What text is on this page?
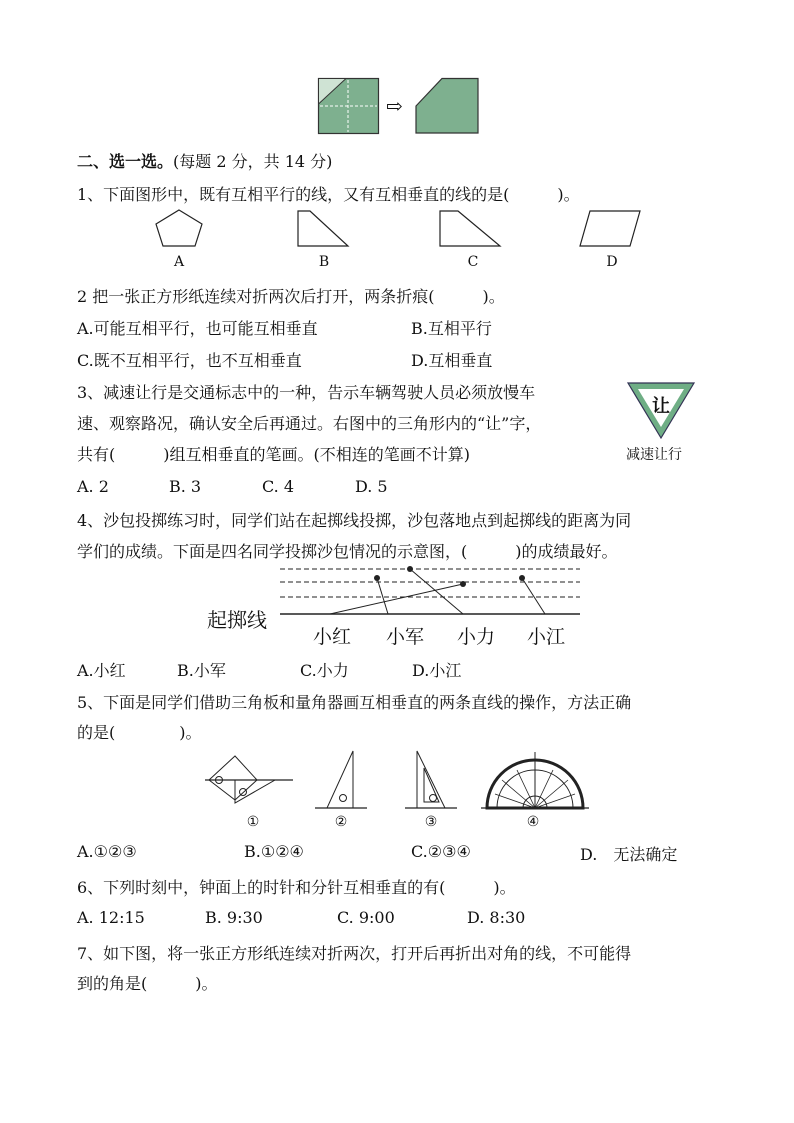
⇨
二、选一选。(每题 2 分，共 14 分)
1、下面图形中，既有互相平行的线，又有互相垂直的线的是(　　　)。
A	B	C	D
2 把一张正方形纸连续对折两次后打开，两条折痕(　　　)。
A.可能互相平行，也可能互相垂直	B.互相平行
C.既不互相平行，也不互相垂直	D.互相垂直
3、减速让行是交通标志中的一种，告示车辆驾驶人员必须放慢车
速、观察路况，确认安全后再通过。右图中的三角形内的“让”字，
共有(　　　)组互相垂直的笔画。(不相连的笔画不计算)
让
减速让行
A. 2	B. 3	C. 4	D. 5
4、沙包投掷练习时，同学们站在起掷线投掷，沙包落地点到起掷线的距离为同
学们的成绩。下面是四名同学投掷沙包情况的示意图，(　　　)的成绩最好。
起掷线
小红 小军 小力 小江
A.小红	B.小军	C.小力	D.小江
5、下面是同学们借助三角板和量角器画互相垂直的两条直线的操作，方法正确
的是(　　　　)。
①	②	③	④
A.①②③	B.①②④	C.②③④	D.　无法确定
6、下列时刻中，钟面上的时针和分针互相垂直的有(　　　)。
A. 12:15	B. 9:30	C. 9:00	D. 8:30
7、如下图，将一张正方形纸连续对折两次，打开后再折出对角的线，不可能得
到的角是(　　　)。
